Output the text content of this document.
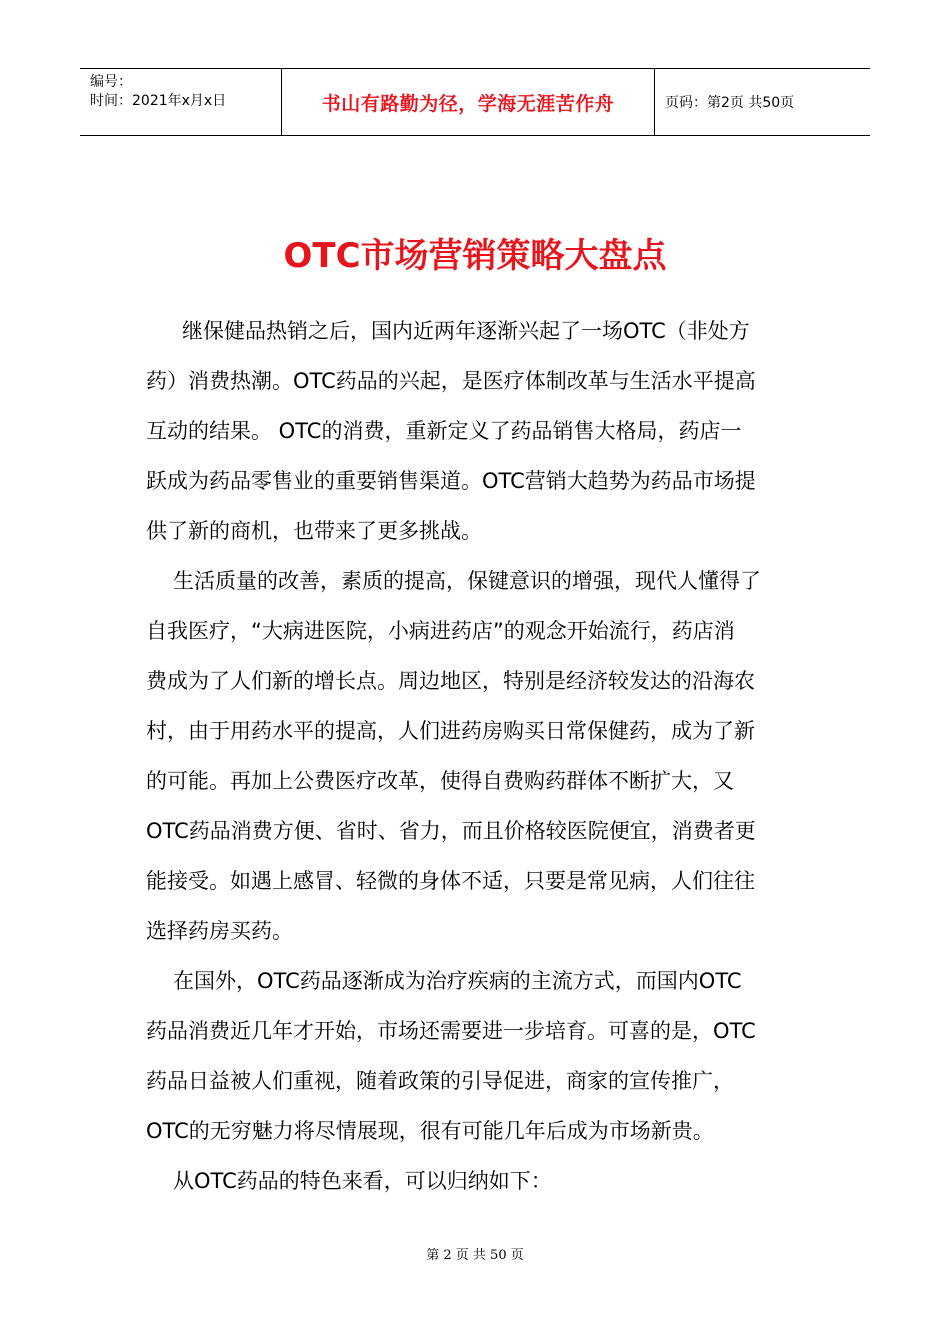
编号：
时间：2021年x月x日	书山有路勤为径，学海无涯苦作舟	页码：第2页 共50页
OTC市场营销策略大盘点
继保健品热销之后，国内近两年逐渐兴起了一场OTC（非处方
药）消费热潮。OTC药品的兴起，是医疗体制改革与生活水平提高
互动的结果。 OTC的消费，重新定义了药品销售大格局，药店一
跃成为药品零售业的重要销售渠道。OTC营销大趋势为药品市场提
供了新的商机，也带来了更多挑战。
生活质量的改善，素质的提高，保键意识的增强，现代人懂得了
自我医疗，“大病进医院，小病进药店”的观念开始流行，药店消
费成为了人们新的增长点。周边地区，特别是经济较发达的沿海农
村，由于用药水平的提高，人们进药房购买日常保健药，成为了新
的可能。再加上公费医疗改革，使得自费购药群体不断扩大，又
OTC药品消费方便、省时、省力，而且价格较医院便宜，消费者更
能接受。如遇上感冒、轻微的身体不适，只要是常见病，人们往往
选择药房买药。
在国外，OTC药品逐渐成为治疗疾病的主流方式，而国内OTC
药品消费近几年才开始，市场还需要进一步培育。可喜的是，OTC
药品日益被人们重视，随着政策的引导促进，商家的宣传推广，
OTC的无穷魅力将尽情展现，很有可能几年后成为市场新贵。
从OTC药品的特色来看，可以归纳如下：
第 2 页 共 50 页
